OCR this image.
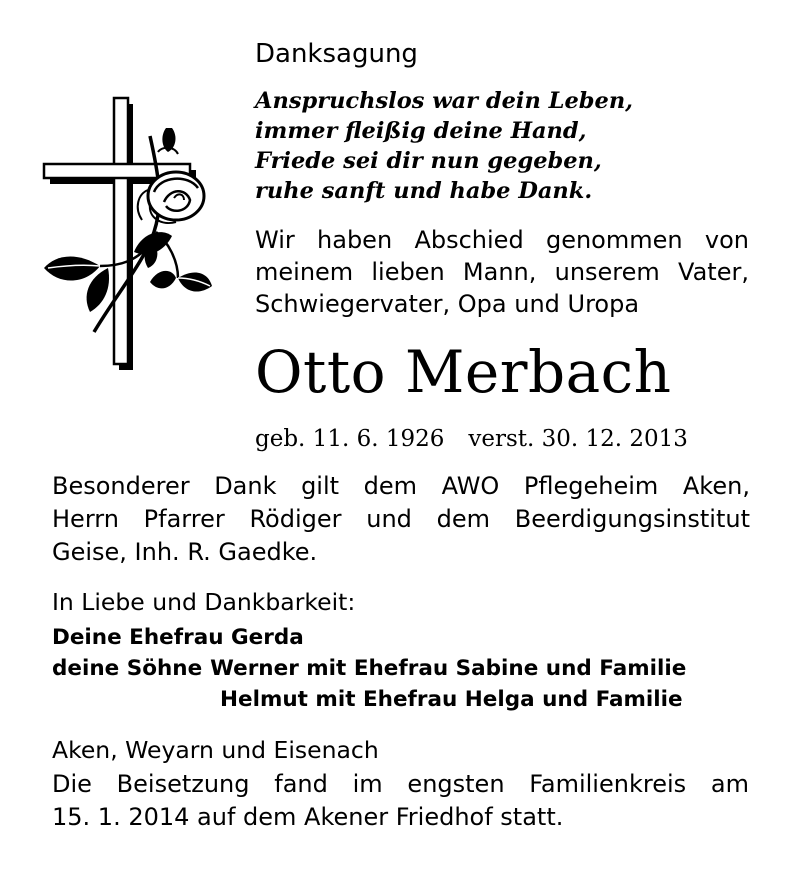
Danksagung
Anspruchslos war dein Leben,
immer fleißig deine Hand,
Friede sei dir nun gegeben,
ruhe sanft und habe Dank.
Wir haben Abschied genommen von
meinem lieben Mann, unserem Vater,
Schwiegervater, Opa und Uropa
Otto Merbach
geb. 11. 6. 1926 verst. 30. 12. 2013
Besonderer Dank gilt dem AWO Pflegeheim Aken,
Herrn Pfarrer Rödiger und dem Beerdigungsinstitut
Geise, Inh. R. Gaedke.
In Liebe und Dankbarkeit:
Deine Ehefrau Gerda
deine Söhne Werner mit Ehefrau Sabine und Familie
Helmut mit Ehefrau Helga und Familie
Aken, Weyarn und Eisenach
Die Beisetzung fand im engsten Familienkreis am
15. 1. 2014 auf dem Akener Friedhof statt.
